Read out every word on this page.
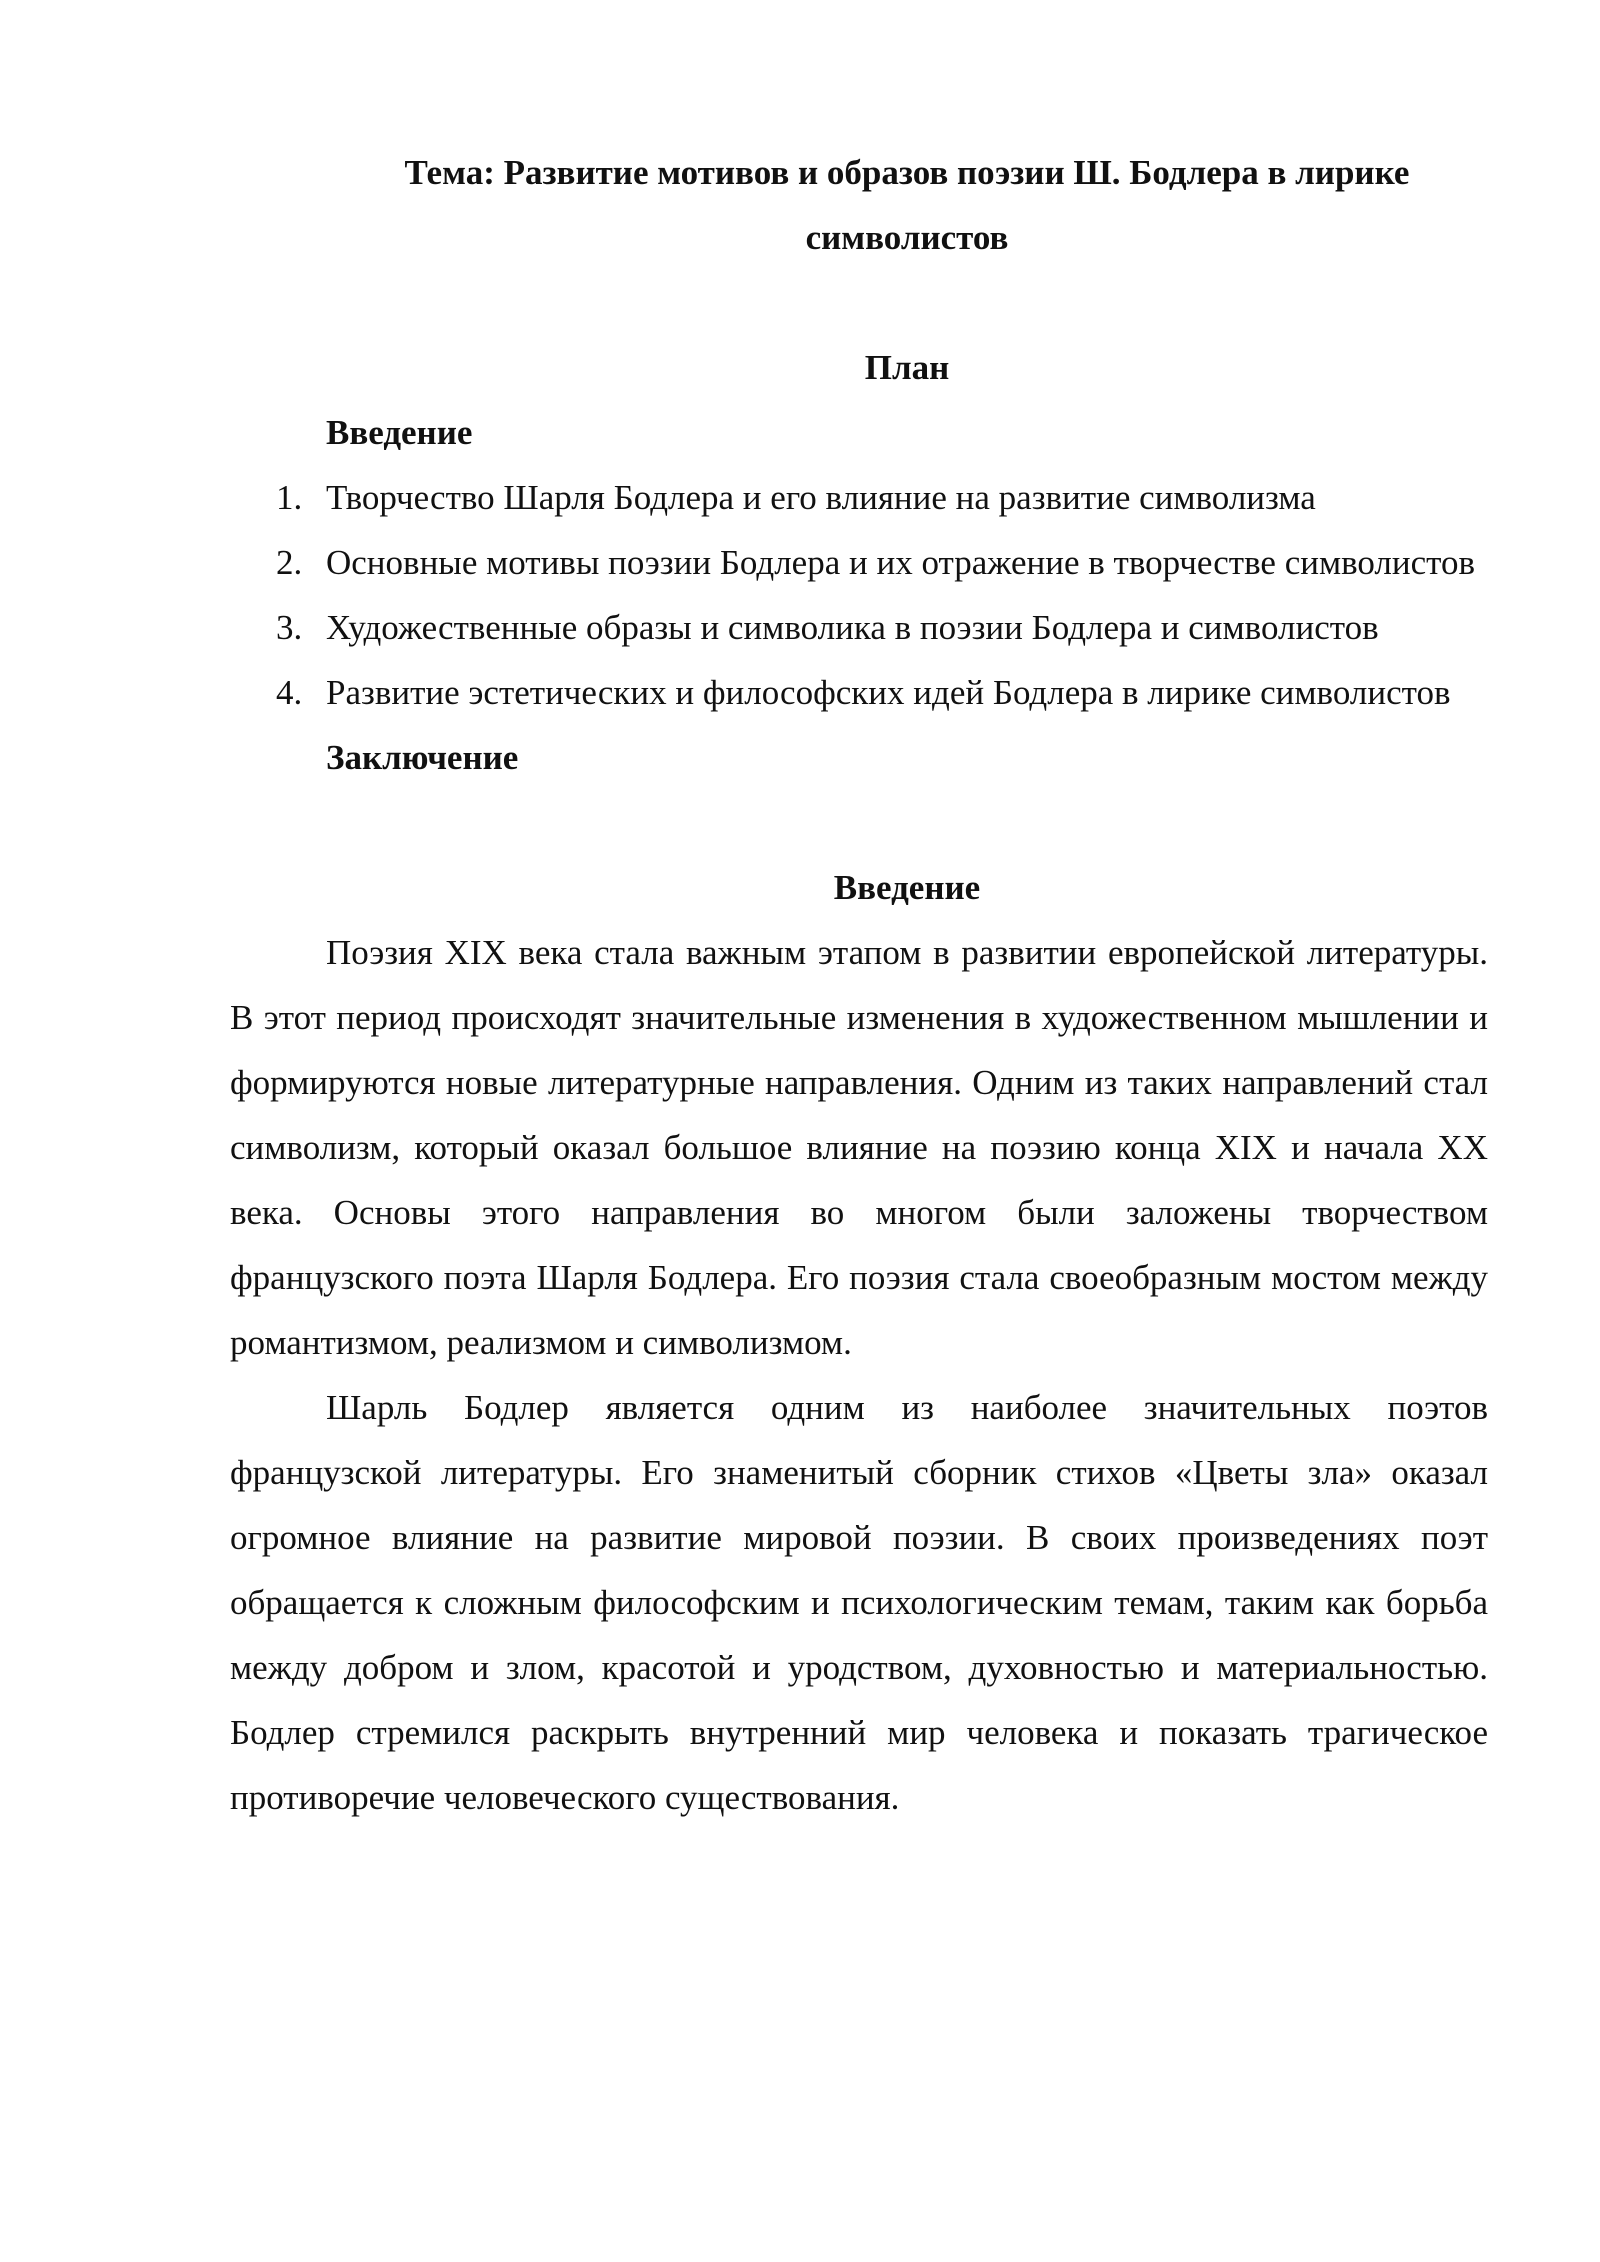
Тема: Развитие мотивов и образов поэзии Ш. Бодлера в лирике символистов
План

Введение

1. Творчество Шарля Бодлера и его влияние на развитие символизма
2. Основные мотивы поэзии Бодлера и их отражение в творчестве символистов
3. Художественные образы и символика в поэзии Бодлера и символистов
4. Развитие эстетических и философских идей Бодлера в лирике символистов

Заключение

Введение

Поэзия XIX века стала важным этапом в развитии европейской литературы. В этот период происходят значительные изменения в художественном мышлении и формируются новые литературные направления. Одним из таких направлений стал символизм, который оказал большое влияние на поэзию конца XIX и начала XX века. Основы этого направления во многом были заложены творчеством французского поэта Шарля Бодлера. Его поэзия стала своеобразным мостом между романтизмом, реализмом и символизмом.

Шарль Бодлер является одним из наиболее значительных поэтов французской литературы. Его знаменитый сборник стихов «Цветы зла» оказал огромное влияние на развитие мировой поэзии. В своих произведениях поэт обращается к сложным философским и психологическим темам, таким как борьба между добром и злом, красотой и уродством, духовностью и материальностью. Бодлер стремился раскрыть внутренний мир человека и показать трагическое противоречие человеческого существования.
